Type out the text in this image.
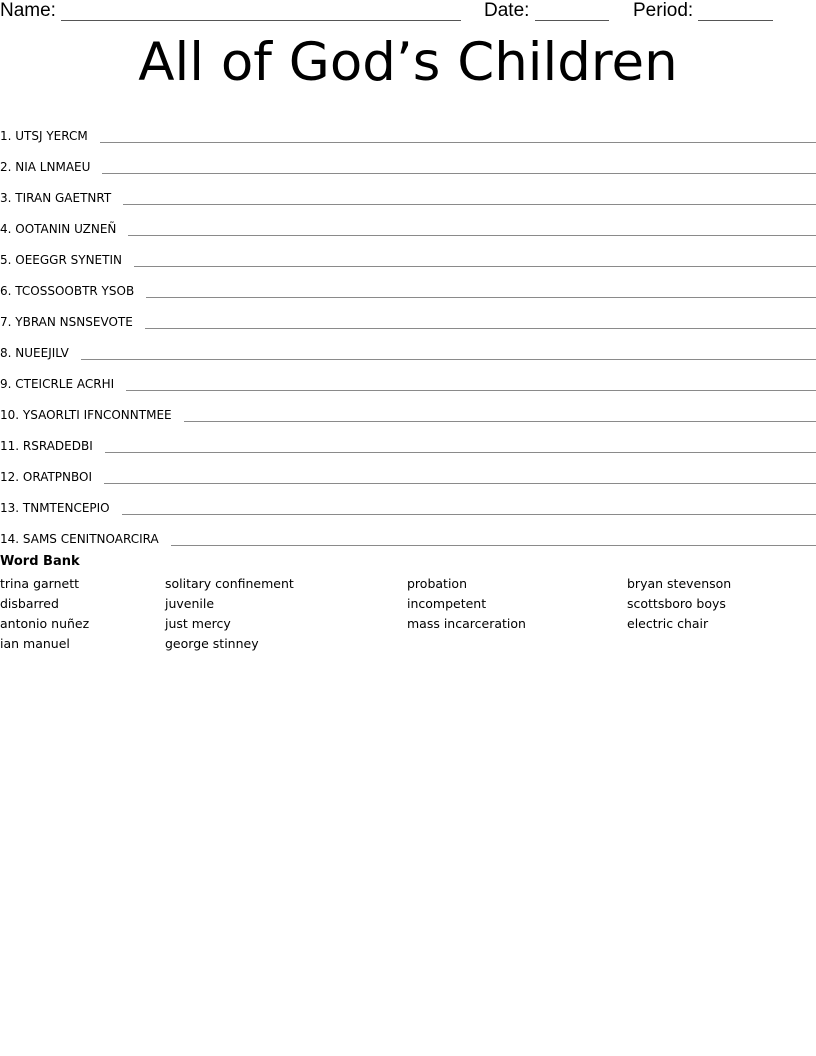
Name:	Date:	Period:
All of God’s Children
1. UTSJ YERCM
2. NIA LNMAEU
3. TIRAN GAETNRT
4. OOTANIN UZNEÑ
5. OEEGGR SYNETIN
6. TCOSSOOBTR YSOB
7. YBRAN NSNSEVOTE
8. NUEEJILV
9. CTEICRLE ACRHI
10. YSAORLTI IFNCONNTMEE
11. RSRADEDBI
12. ORATPNBOI
13. TNMTENCEPIO
14. SAMS CENITNOARCIRA
Word Bank
trina garnett
disbarred
antonio nuñez
ian manuel
solitary confinement
juvenile
just mercy
george stinney
probation
incompetent
mass incarceration
bryan stevenson
scottsboro boys
electric chair
